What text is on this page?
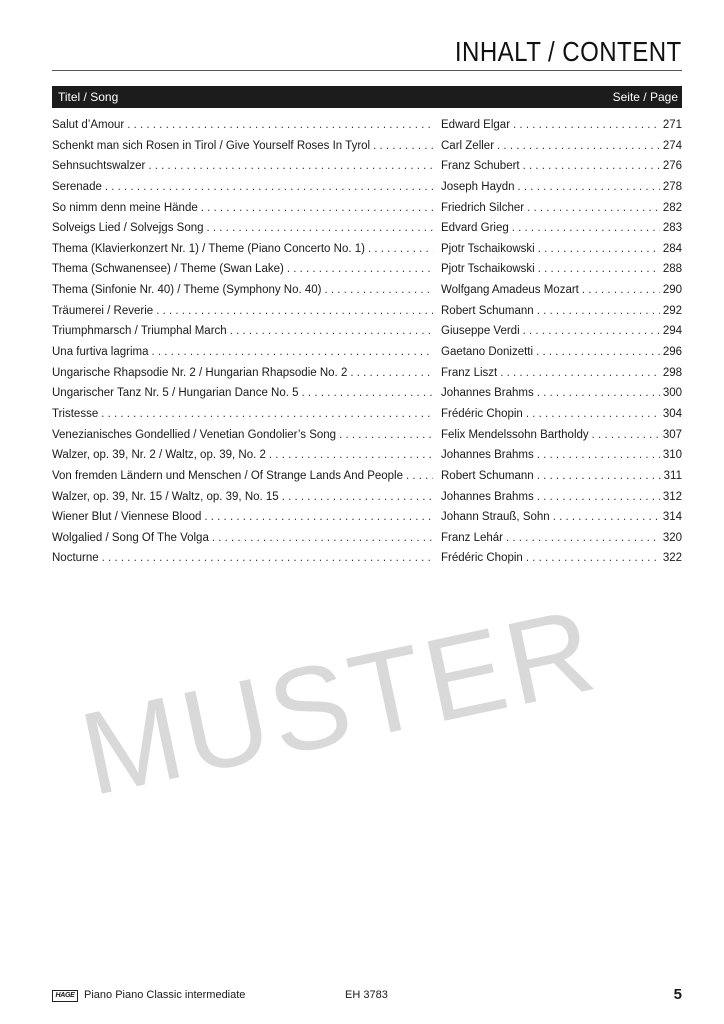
INHALT / CONTENT
Titel / Song	Seite / Page
Salut d’Amour . . .	Edward Elgar . . .	271
Schenkt man sich Rosen in Tirol / Give Yourself Roses In Tyrol . . .	Carl Zeller . . .	274
Sehnsuchtswalzer . . .	Franz Schubert . . .	276
Serenade . . .	Joseph Haydn . . .	278
So nimm denn meine Hände . . .	Friedrich Silcher . . .	282
Solveigs Lied / Solvejgs Song . . .	Edvard Grieg . . .	283
Thema (Klavierkonzert Nr. 1) / Theme (Piano Concerto No. 1) . . .	Pjotr Tschaikowski . . .	284
Thema (Schwanensee) / Theme (Swan Lake) . . .	Pjotr Tschaikowski . . .	288
Thema (Sinfonie Nr. 40) / Theme (Symphony No. 40) . . .	Wolfgang Amadeus Mozart . . .	290
Träumerei / Reverie . . .	Robert Schumann . . .	292
Triumphmarsch / Triumphal March . . .	Giuseppe Verdi . . .	294
Una furtiva lagrima . . .	Gaetano Donizetti . . .	296
Ungarische Rhapsodie Nr. 2 / Hungarian Rhapsodie No. 2 . . .	Franz Liszt . . .	298
Ungarischer Tanz Nr. 5 / Hungarian Dance No. 5 . . .	Johannes Brahms . . .	300
Tristesse . . .	Frédéric Chopin . . .	304
Venezianisches Gondellied / Venetian Gondolier’s Song . . .	Felix Mendelssohn Bartholdy . . .	307
Walzer, op. 39, Nr. 2 / Waltz, op. 39, No. 2 . . .	Johannes Brahms . . .	310
Von fremden Ländern und Menschen / Of Strange Lands And People . . .	Robert Schumann . . .	311
Walzer, op. 39, Nr. 15 / Waltz, op. 39, No. 15 . . .	Johannes Brahms . . .	312
Wiener Blut / Viennese Blood . . .	Johann Strauß, Sohn . . .	314
Wolgalied / Song Of The Volga . . .	Franz Lehár . . .	320
Nocturne . . .	Frédéric Chopin . . .	322
MUSTER
HAGE Piano Piano Classic intermediate	EH 3783	5
